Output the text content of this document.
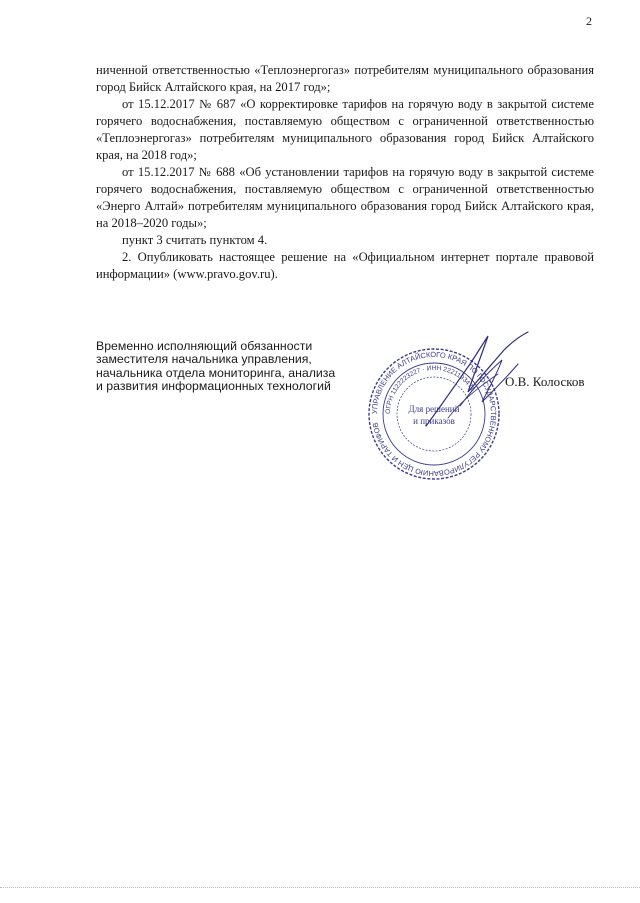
2

ниченной ответственностью «Теплоэнергогаз» потребителям муниципального образования город Бийск Алтайского края, на 2017 год»;

от 15.12.2017 № 687 «О корректировке тарифов на горячую воду в закрытой системе горячего водоснабжения, поставляемую обществом с ограниченной ответственностью «Теплоэнергогаз» потребителям муниципального образования город Бийск Алтайского края, на 2018 год»;

от 15.12.2017 № 688 «Об установлении тарифов на горячую воду в закрытой системе горячего водоснабжения, поставляемую обществом с ограниченной ответственностью «Энерго Алтай» потребителям муниципального образования город Бийск Алтайского края, на 2018–2020 годы»;

пункт 3 считать пунктом 4.

2. Опубликовать настоящее решение на «Официальном интернет портале правовой информации» (www.pravo.gov.ru).

Временно исполняющий обязанности
заместителя начальника управления,
начальника отдела мониторинга, анализа
и развития информационных технологий
УПРАВЛЕНИЕ АЛТАЙСКОГО КРАЯ ПО ГОСУДАРСТВЕННОМУ РЕГУЛИРОВАНИЮ ЦЕН И ТАРИФОВ
ОГРН 1122223227 · ИНН 2221193471
Для решений
и приказов
О.В. Колосков
